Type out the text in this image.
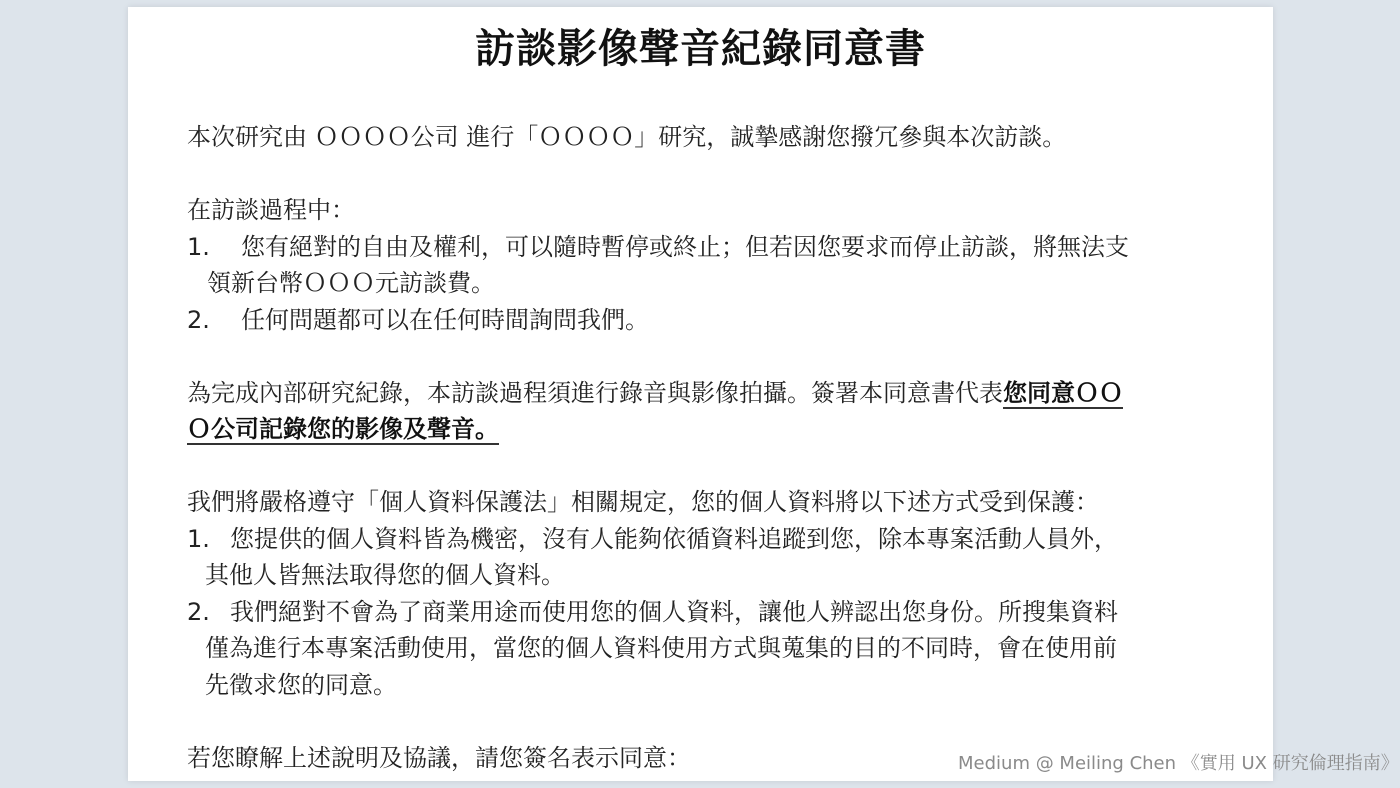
訪談影像聲音紀錄同意書

本次研究由 ＯＯＯＯ公司 進行「ＯＯＯＯ」研究，誠摯感謝您撥冗參與本次訪談。

在訪談過程中：

1. 您有絕對的自由及權利，可以隨時暫停或終止；但若因您要求而停止訪談，將無法支

領新台幣ＯＯＯ元訪談費。

2. 任何問題都可以在任何時間詢問我們。

為完成內部研究紀錄，本訪談過程須進行錄音與影像拍攝。簽署本同意書代表您同意ＯＯ

Ｏ公司記錄您的影像及聲音。

我們將嚴格遵守「個人資料保護法」相關規定，您的個人資料將以下述方式受到保護：

1. 您提供的個人資料皆為機密，沒有人能夠依循資料追蹤到您，除本專案活動人員外，

其他人皆無法取得您的個人資料。

2. 我們絕對不會為了商業用途而使用您的個人資料，讓他人辨認出您身份。所搜集資料

僅為進行本專案活動使用，當您的個人資料使用方式與蒐集的目的不同時，會在使用前

先徵求您的同意。

若您瞭解上述說明及協議，請您簽名表示同意：	Medium @ Meiling Chen 《實用 UX 研究倫理指南》
